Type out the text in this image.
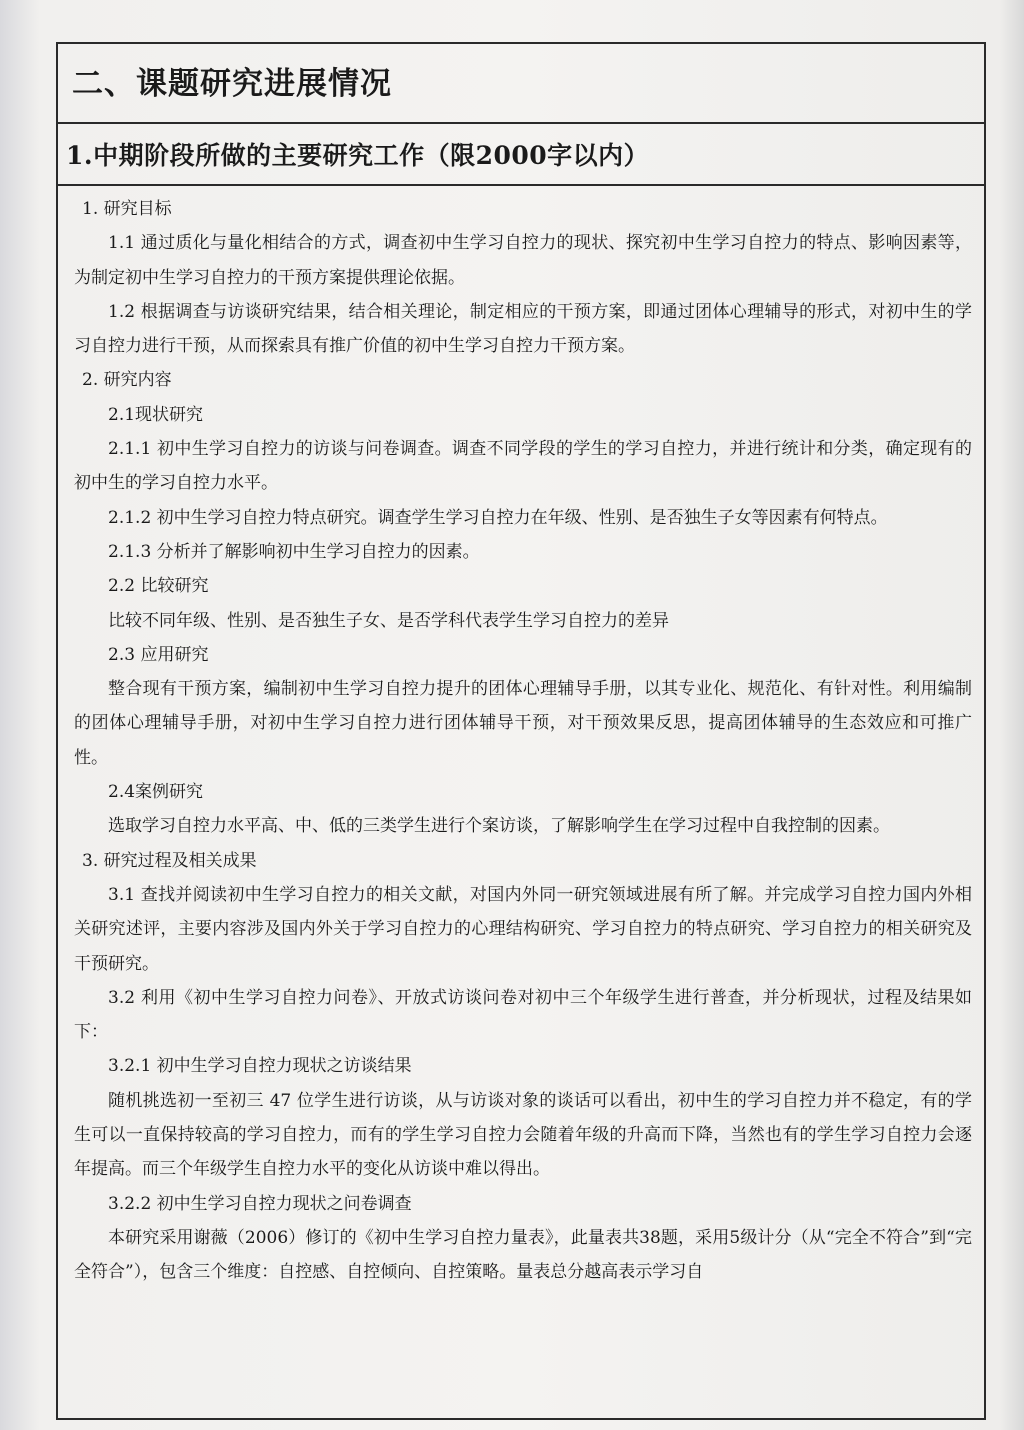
二、课题研究进展情况
1.中期阶段所做的主要研究工作（限2000字以内）

1. 研究目标

1.1 通过质化与量化相结合的方式，调查初中生学习自控力的现状、探究初中生学习自控力的特点、影响因素等，为制定初中生学习自控力的干预方案提供理论依据。

1.2 根据调查与访谈研究结果，结合相关理论，制定相应的干预方案，即通过团体心理辅导的形式，对初中生的学习自控力进行干预，从而探索具有推广价值的初中生学习自控力干预方案。

2. 研究内容

2.1现状研究

2.1.1 初中生学习自控力的访谈与问卷调查。调查不同学段的学生的学习自控力，并进行统计和分类，确定现有的初中生的学习自控力水平。

2.1.2 初中生学习自控力特点研究。调查学生学习自控力在年级、性别、是否独生子女等因素有何特点。

2.1.3 分析并了解影响初中生学习自控力的因素。

2.2 比较研究

比较不同年级、性别、是否独生子女、是否学科代表学生学习自控力的差异

2.3 应用研究

整合现有干预方案，编制初中生学习自控力提升的团体心理辅导手册，以其专业化、规范化、有针对性。利用编制的团体心理辅导手册，对初中生学习自控力进行团体辅导干预，对干预效果反思，提高团体辅导的生态效应和可推广性。

2.4案例研究

选取学习自控力水平高、中、低的三类学生进行个案访谈，了解影响学生在学习过程中自我控制的因素。

3. 研究过程及相关成果

3.1 查找并阅读初中生学习自控力的相关文献，对国内外同一研究领域进展有所了解。并完成学习自控力国内外相关研究述评，主要内容涉及国内外关于学习自控力的心理结构研究、学习自控力的特点研究、学习自控力的相关研究及干预研究。

3.2 利用《初中生学习自控力问卷》、开放式访谈问卷对初中三个年级学生进行普查，并分析现状，过程及结果如下：

3.2.1 初中生学习自控力现状之访谈结果

随机挑选初一至初三 47 位学生进行访谈，从与访谈对象的谈话可以看出，初中生的学习自控力并不稳定，有的学生可以一直保持较高的学习自控力，而有的学生学习自控力会随着年级的升高而下降，当然也有的学生学习自控力会逐年提高。而三个年级学生自控力水平的变化从访谈中难以得出。

3.2.2 初中生学习自控力现状之问卷调查

本研究采用谢薇（2006）修订的《初中生学习自控力量表》，此量表共38题，采用5级计分（从“完全不符合”到“完全符合”），包含三个维度：自控感、自控倾向、自控策略。量表总分越高表示学习自
